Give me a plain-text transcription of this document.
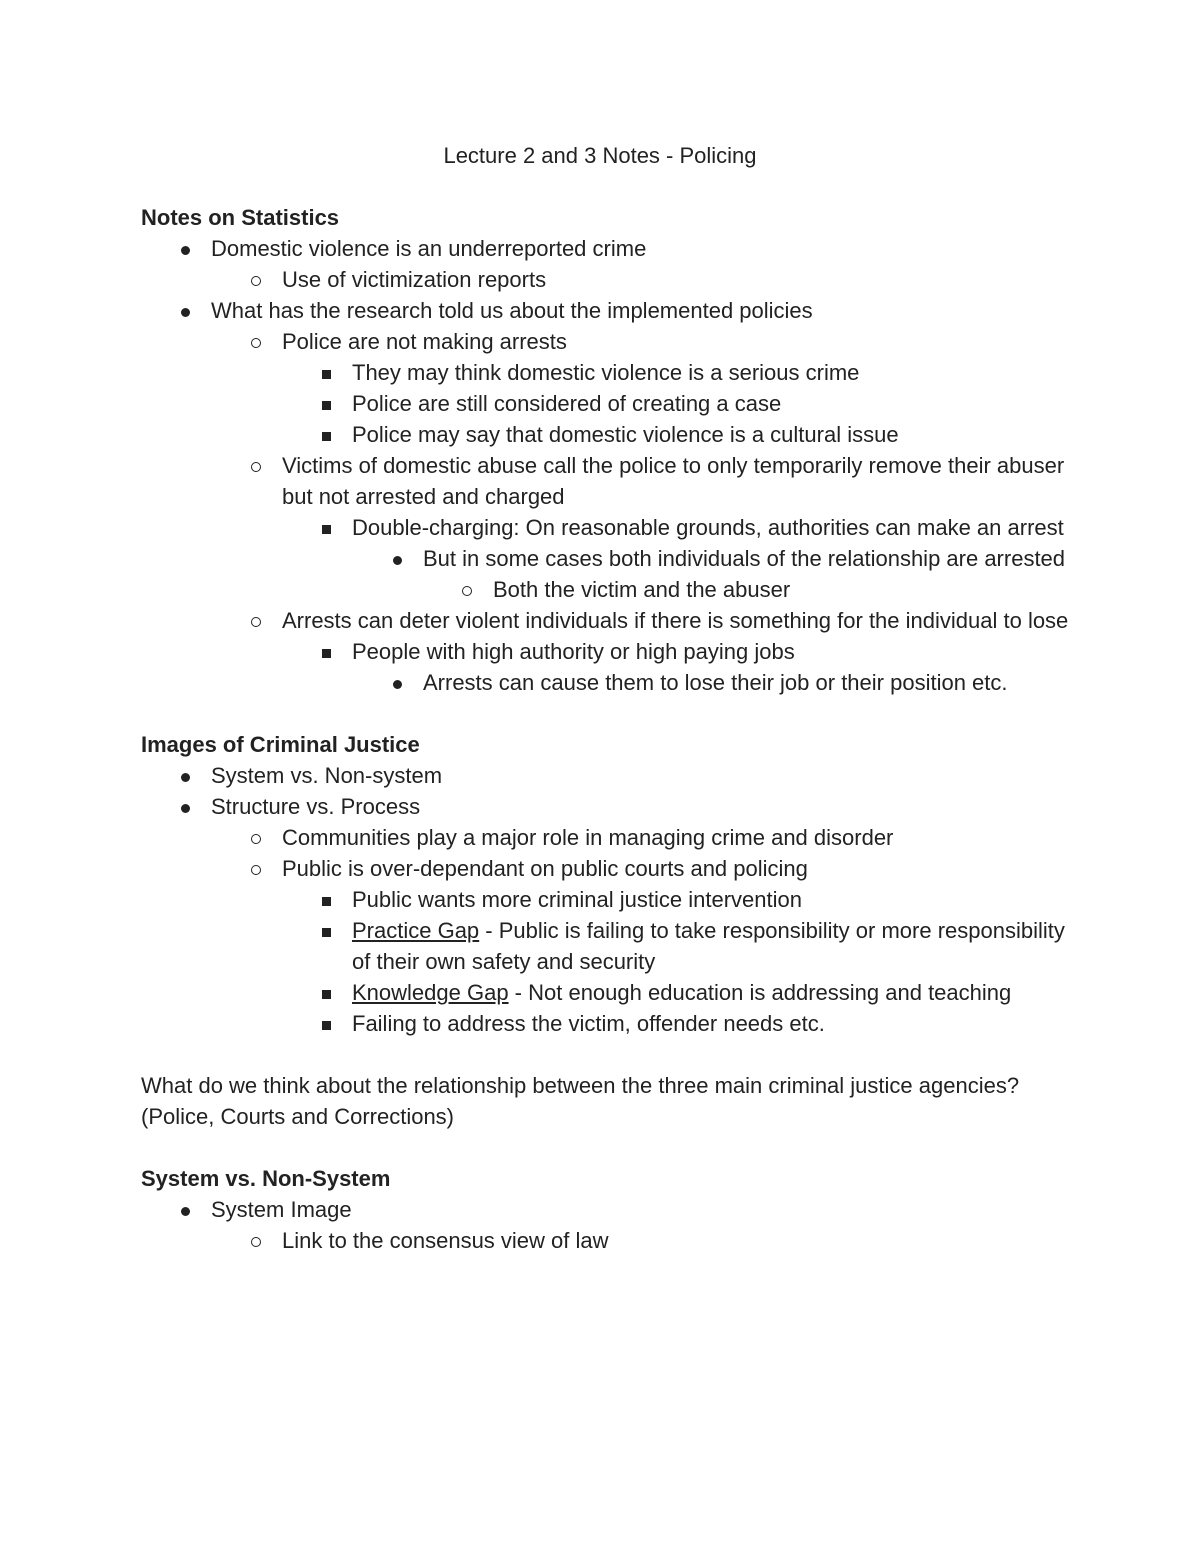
Lecture 2 and 3 Notes - Policing
Notes on Statistics
Domestic violence is an underreported crime
Use of victimization reports
What has the research told us about the implemented policies
Police are not making arrests
They may think domestic violence is a serious crime
Police are still considered of creating a case
Police may say that domestic violence is a cultural issue
Victims of domestic abuse call the police to only temporarily remove their abuser but not arrested and charged
Double-charging: On reasonable grounds, authorities can make an arrest
But in some cases both individuals of the relationship are arrested
Both the victim and the abuser
Arrests can deter violent individuals if there is something for the individual to lose
People with high authority or high paying jobs
Arrests can cause them to lose their job or their position etc.
Images of Criminal Justice
System vs. Non-system
Structure vs. Process
Communities play a major role in managing crime and disorder
Public is over-dependant on public courts and policing
Public wants more criminal justice intervention
Practice Gap - Public is failing to take responsibility or more responsibility of their own safety and security
Knowledge Gap - Not enough education is addressing and teaching
Failing to address the victim, offender needs etc.
What do we think about the relationship between the three main criminal justice agencies? (Police, Courts and Corrections)
System vs. Non-System
System Image
Link to the consensus view of law
